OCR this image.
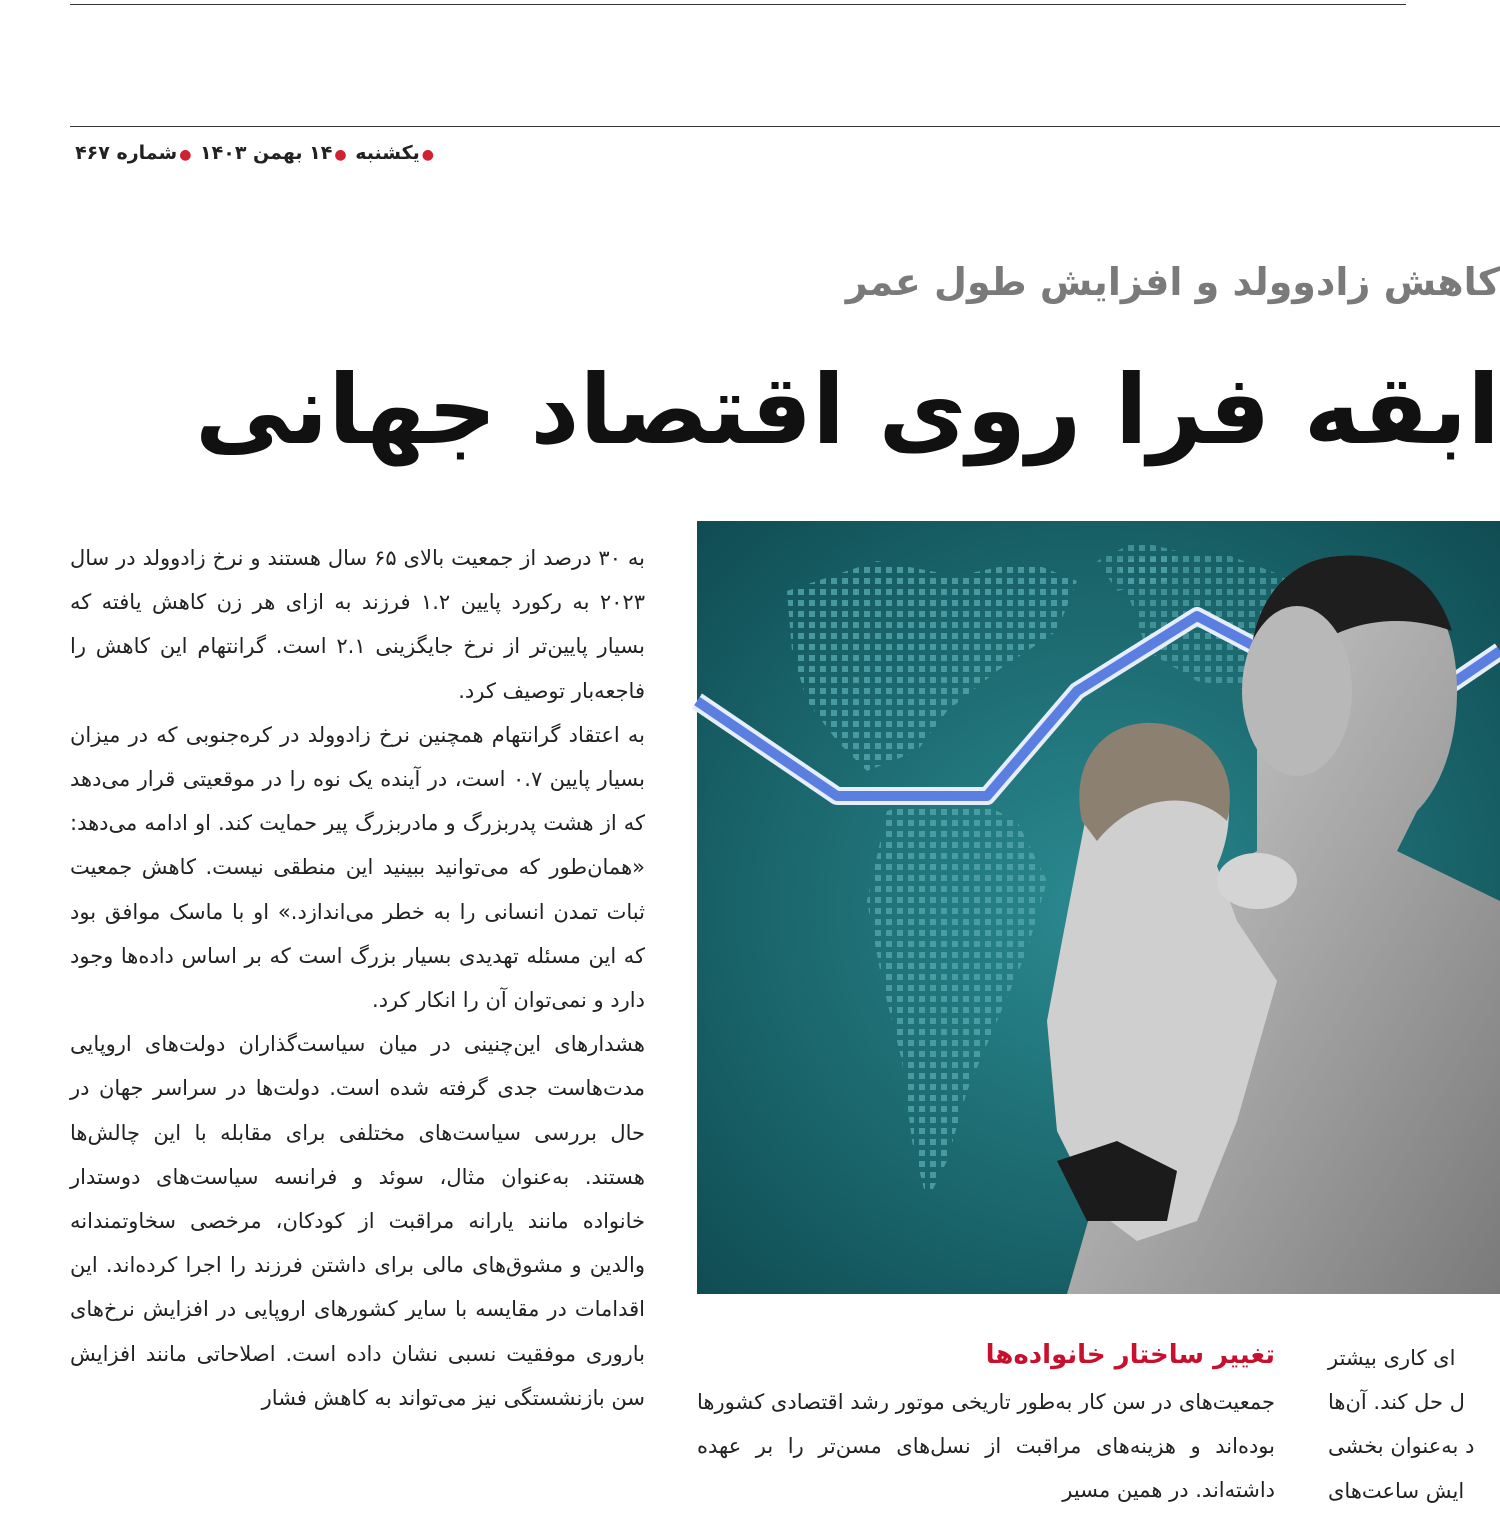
●یکشنبه ●۱۴ بهمن ۱۴۰۳ ●شماره ۴۶۷
کاهش زادوولد و افزایش طول عمر
ابقه فرا روی اقتصاد جهانی

به ۳۰ درصد از جمعیت بالای ۶۵ سال هستند و نرخ زادوولد در سال ۲۰۲۳ به رکورد پایین ۱.۲ فرزند به ازای هر زن کاهش یافته که بسیار پایین‌تر از نرخ جایگزینی ۲.۱ است. گرانتهام این کاهش را فاجعه‌بار توصیف کرد.

به اعتقاد گرانتهام همچنین نرخ زادوولد در کره‌جنوبی که در میزان بسیار پایین ۰.۷ است، در آینده یک نوه را در موقعیتی قرار می‌دهد که از هشت پدربزرگ و مادربزرگ پیر حمایت کند. او ادامه می‌دهد: «همان‌طور که می‌توانید ببینید این منطقی نیست. کاهش جمعیت ثبات تمدن انسانی را به خطر می‌اندازد.» او با ماسک موافق بود که این مسئله تهدیدی بسیار بزرگ است که بر اساس داده‌ها وجود دارد و نمی‌توان آن را انکار کرد.

هشدارهای این‌چنینی در میان سیاست‌گذاران دولت‌های اروپایی مدت‌هاست جدی گرفته شده است. دولت‌ها در سراسر جهان در حال بررسی سیاست‌های مختلفی برای مقابله با این چالش‌ها هستند. به‌عنوان مثال، سوئد و فرانسه سیاست‌های دوستدار خانواده مانند یارانه مراقبت از کودکان، مرخصی سخاوتمندانه والدین و مشوق‌های مالی برای داشتن فرزند را اجرا کرده‌اند. این اقدامات در مقایسه با سایر کشورهای اروپایی در افزایش نرخ‌های باروری موفقیت نسبی نشان داده است. اصلاحاتی مانند افزایش سن بازنشستگی نیز می‌تواند به کاهش فشار

تغییر ساختار خانواده‌ها
جمعیت‌های در سن کار به‌طور تاریخی موتور رشد اقتصادی کشورها بوده‌اند و هزینه‌های مراقبت از نسل‌های مسن‌تر را بر عهده داشته‌اند. در همین مسیر
ای کاری بیشتر
ل حل کند. آن‌ها
د به‌عنوان بخشی
ایش ساعت‌های
